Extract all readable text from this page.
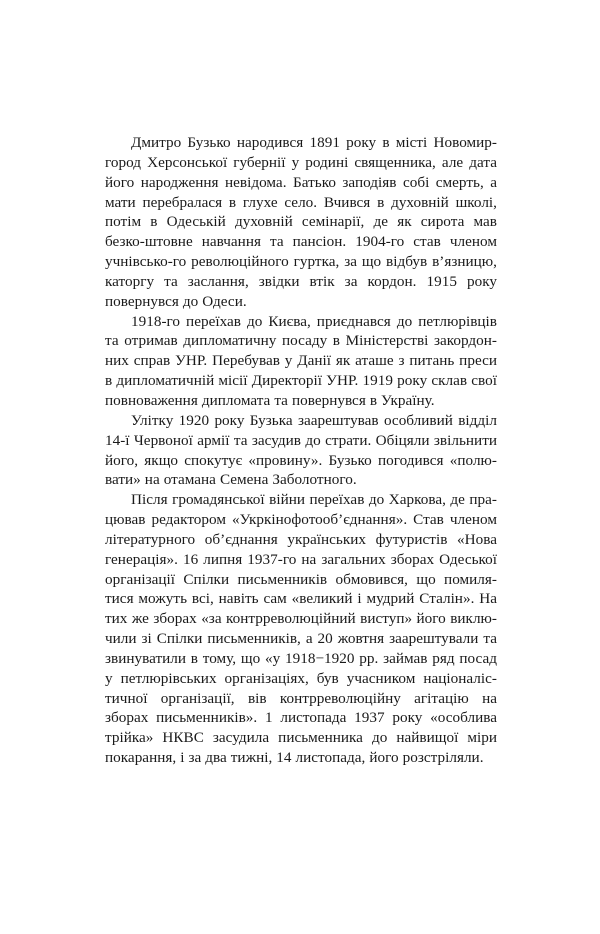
Дмитро Бузько народився 1891 року в місті Новомир-город Херсонської губернії у родині священника, але дата його народження невідома. Батько заподіяв собі смерть, а мати перебралася в глухе село. Вчився в духовній школі, потім в Одеській духовній семінарії, де як сирота мав безко-штовне навчання та пансіон. 1904-го став членом учнівсько-го революційного гуртка, за що відбув в’язницю, каторгу та заслання, звідки втік за кордон. 1915 року повернувся до Одеси.

1918-го переїхав до Києва, приєднався до петлюрівців та отримав дипломатичну посаду в Міністерстві закордон-них справ УНР. Перебував у Данії як аташе з питань преси в дипломатичній місії Директорії УНР. 1919 року склав свої повноваження дипломата та повернувся в Україну.

Улітку 1920 року Бузька заарештував особливий відділ 14-ї Червоної армії та засудив до страти. Обіцяли звільнити його, якщо спокутує «провину». Бузько погодився «полю-вати» на отамана Семена Заболотного.

Після громадянської війни переїхав до Харкова, де пра-цював редактором «Укркінофотооб’єднання». Став членом літературного об’єднання українських футуристів «Нова генерація». 16 липня 1937-го на загальних зборах Одеської організації Спілки письменників обмовився, що помиля-тися можуть всі, навіть сам «великий і мудрий Сталін». На тих же зборах «за контрреволюційний виступ» його виклю-чили зі Спілки письменників, а 20 жовтня заарештували та звинуватили в тому, що «у 1918−1920 рр. займав ряд посад у петлюрівських організаціях, був учасником націоналіс-тичної організації, вів контрреволюційну агітацію на зборах письменників». 1 листопада 1937 року «особлива трійка» НКВС засудила письменника до найвищої міри покарання, і за два тижні, 14 листопада, його розстріляли.
